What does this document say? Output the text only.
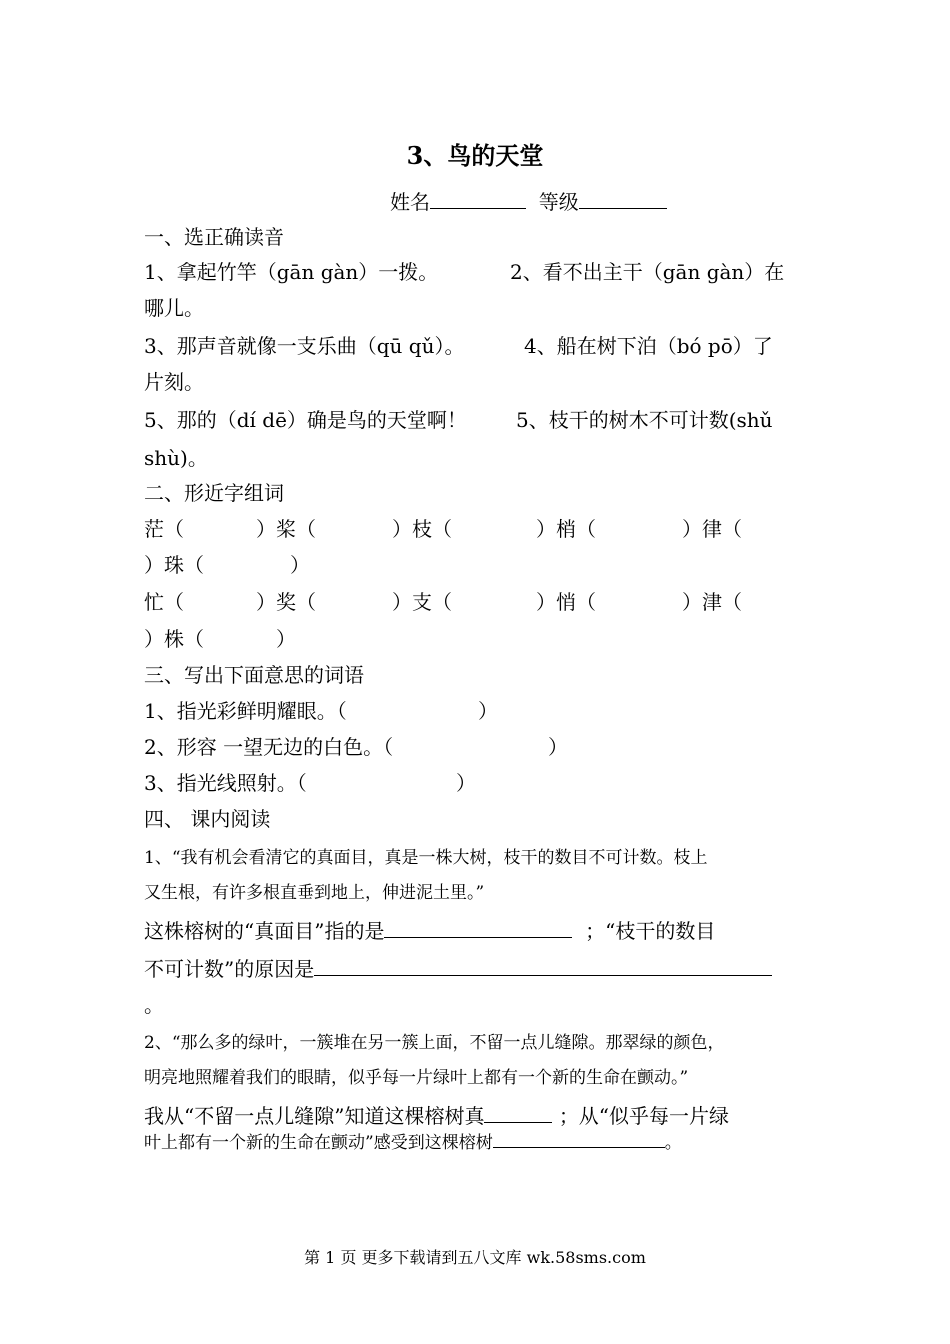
3、鸟的天堂
姓名	等级
一、选正确读音
1、拿起竹竿（gān gàn）一拨。	2、看不出主干（gān gàn）在
哪儿。
3、那声音就像一支乐曲（qū qǔ）。	4、船在树下泊（bó pō）了
片刻。
5、那的（dí dē）确是鸟的天堂啊！ 5、枝干的树木不可计数(shǔ
shù)。
二、形近字组词
茫（	）桨（	）枝（	）梢（	）律（
）珠（	）
忙（	）奖（	）支（	）悄（	）津（
）株（	）
三、写出下面意思的词语
1、指光彩鲜明耀眼。（	）
2、形容 一望无边的白色。（	）
3、指光线照射。（	）
四、 课内阅读
1、“我有机会看清它的真面目，真是一株大树，枝干的数目不可计数。枝上
又生根，有许多根直垂到地上，伸进泥土里。”
这株榕树的“真面目”指的是	；“枝干的数目
不可计数”的原因是
。
2、“那么多的绿叶，一簇堆在另一簇上面，不留一点儿缝隙。那翠绿的颜色，
明亮地照耀着我们的眼睛，似乎每一片绿叶上都有一个新的生命在颤动。”
我从“不留一点儿缝隙”知道这棵榕树真	；从“似乎每一片绿
叶上都有一个新的生命在颤动”感受到这棵榕树	。
第 1 页 更多下载请到五八文库 wk.58sms.com
